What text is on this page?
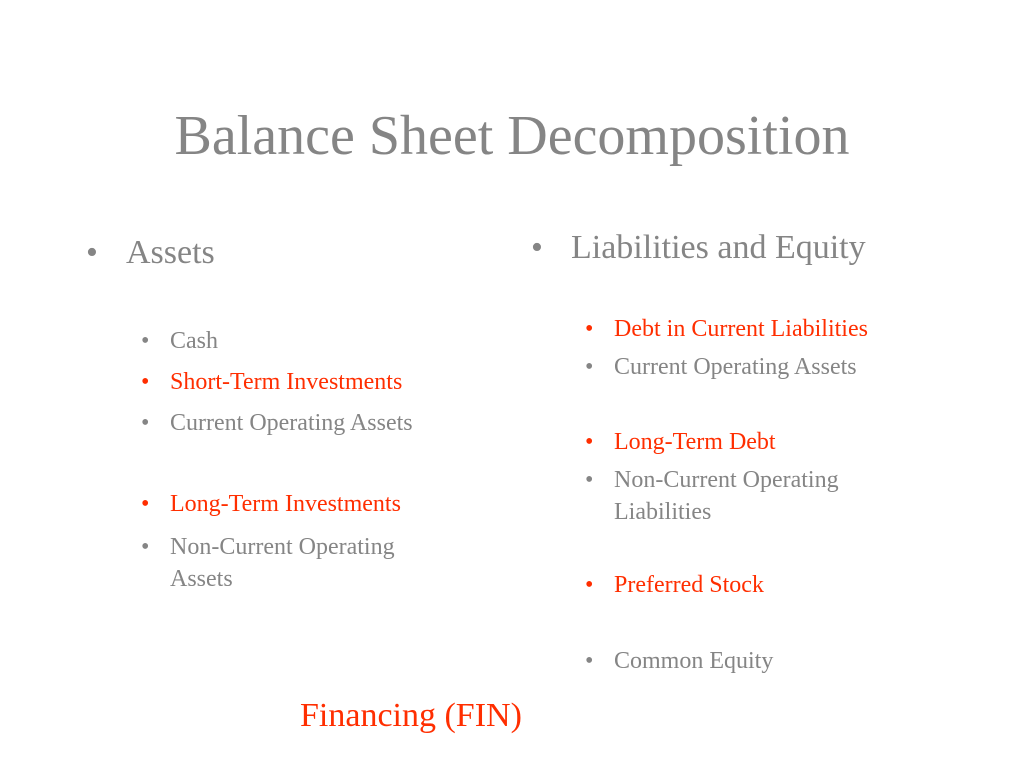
Balance Sheet Decomposition
• Assets
• Cash
• Short-Term Investments
• Current Operating Assets
• Long-Term Investments
• Non-Current Operating
Assets
• Liabilities and Equity
• Debt in Current Liabilities
• Current Operating Assets
• Long-Term Debt
• Non-Current Operating
Liabilities
• Preferred Stock
• Common Equity
Financing (FIN)
